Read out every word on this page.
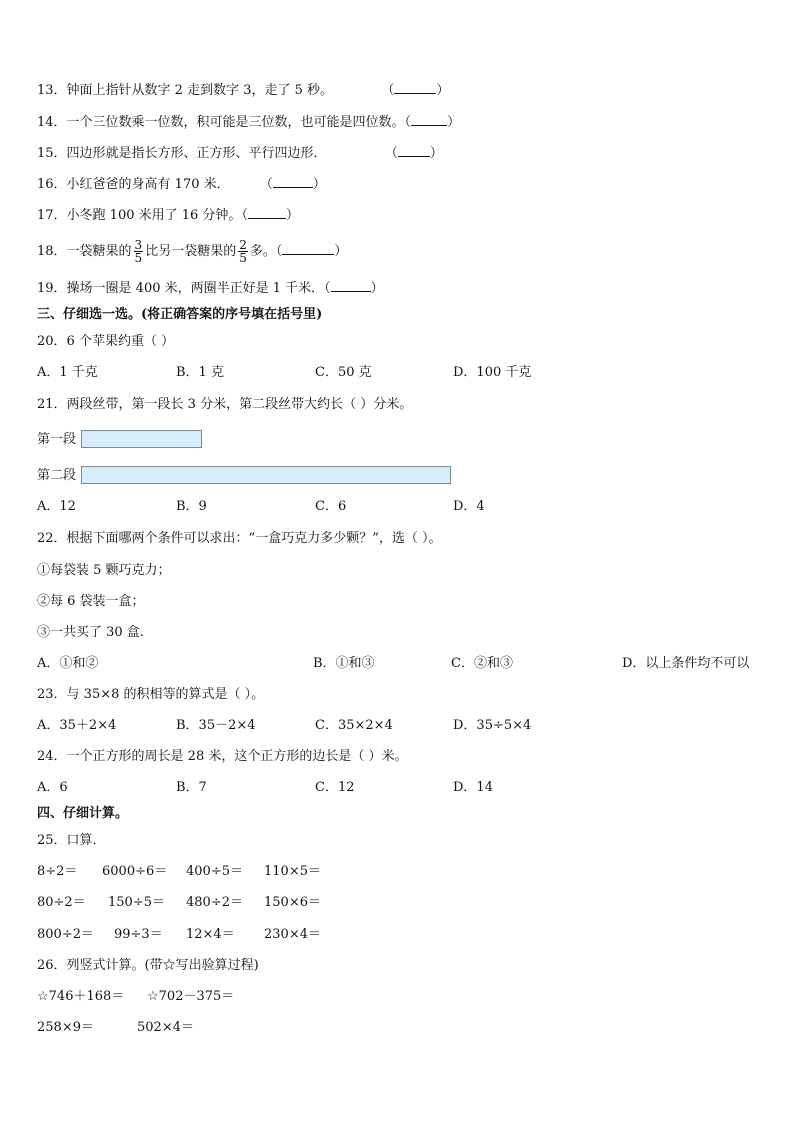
13．钟面上指针从数字 2 走到数字 3，走了 5 秒。	（	）
14．一个三位数乘一位数，积可能是三位数，也可能是四位数。（	）
15．四边形就是指长方形、正方形、平行四边形．	（ ）
16．小红爸爸的身高有 170 米． （	）
17．小冬跑 100 米用了 16 分钟。（	）
18．一袋糖果的 $\frac{3}{5}$ 比另一袋糖果的 $\frac{2}{5}$ 多。（	）
19．操场一圈是 400 米，两圈半正好是 1 千米．（	）
三、仔细选一选。(将正确答案的序号填在括号里)
20．6 个苹果约重（ ）
A．1 千克	B．1 克	C．50 克	D．100 千克
21．两段丝带，第一段长 3 分米，第二段丝带大约长（ ）分米。
第一段
第二段
A．12	B．9	C．6	D．4
22．根据下面哪两个条件可以求出：“一盒巧克力多少颗？”，选（ ）。
①每袋装 5 颗巧克力；
②每 6 袋装一盒；
③一共买了 30 盒.
A．①和②	B．①和③	C．②和③	D．以上条件均不可以
23．与 35×8 的积相等的算式是（ ）。
A．35＋2×4	B．35－2×4	C．35×2×4	D．35÷5×4
24．一个正方形的周长是 28 米，这个正方形的边长是（ ）米。
A．6	B．7	C．12	D．14
四、仔细计算。
25．口算．
8÷2＝ 6000÷6＝ 400÷5＝ 110×5＝
80÷2＝ 150÷5＝ 480÷2＝ 150×6＝
800÷2＝ 99÷3＝ 12×4＝ 230×4＝
26．列竖式计算。(带☆写出验算过程)
☆746＋168＝ ☆702－375＝
258×9＝	502×4＝
